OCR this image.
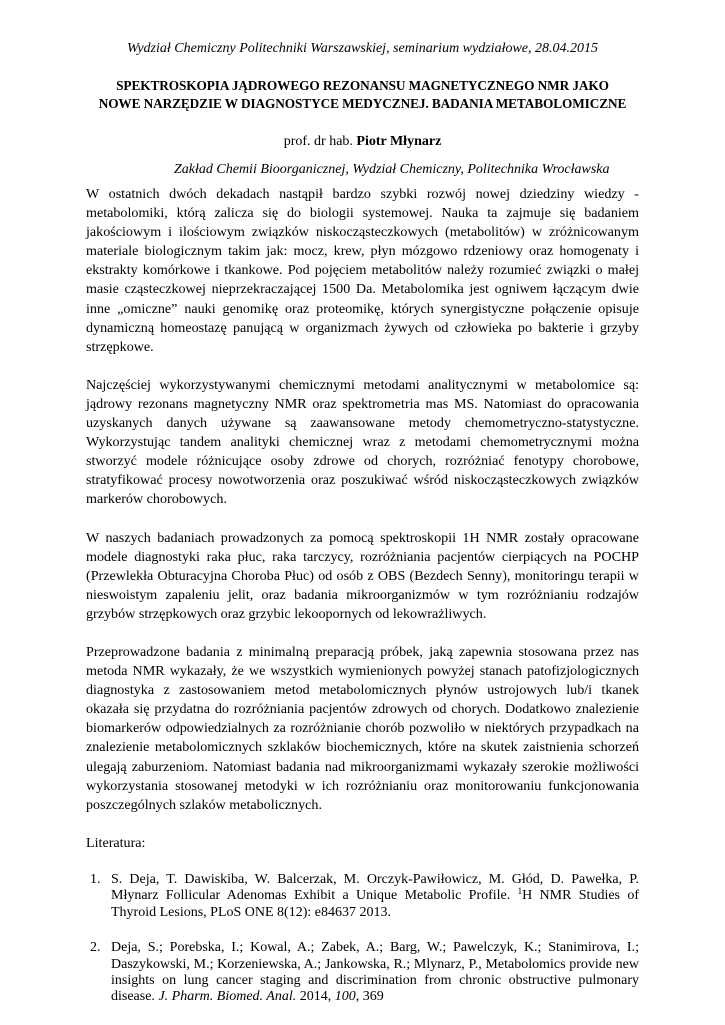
Wydział Chemiczny Politechniki Warszawskiej, seminarium wydziałowe, 28.04.2015
SPEKTROSKOPIA JĄDROWEGO REZONANSU MAGNETYCZNEGO NMR JAKO
NOWE NARZĘDZIE W DIAGNOSTYCE MEDYCZNEJ. BADANIA METABOLOMICZNE
prof. dr hab. Piotr Młynarz
Zakład Chemii Bioorganicznej, Wydział Chemiczny, Politechnika Wrocławska

W ostatnich dwóch dekadach nastąpił bardzo szybki rozwój nowej dziedziny wiedzy - metabolomiki, którą zalicza się do biologii systemowej. Nauka ta zajmuje się badaniem jakościowym i ilościowym związków niskocząsteczkowych (metabolitów) w zróżnicowanym materiale biologicznym takim jak: mocz, krew, płyn mózgowo rdzeniowy oraz homogenaty i ekstrakty komórkowe i tkankowe. Pod pojęciem metabolitów należy rozumieć związki o małej masie cząsteczkowej nieprzekraczającej 1500 Da. Metabolomika jest ogniwem łączącym dwie inne „omiczne” nauki genomikę oraz proteomikę, których synergistyczne połączenie opisuje dynamiczną homeostazę panującą w organizmach żywych od człowieka po bakterie i grzyby strzępkowe.

Najczęściej wykorzystywanymi chemicznymi metodami analitycznymi w metabolomice są: jądrowy rezonans magnetyczny NMR oraz spektrometria mas MS. Natomiast do opracowania uzyskanych danych używane są zaawansowane metody chemometryczno-statystyczne. Wykorzystując tandem analityki chemicznej wraz z metodami chemometrycznymi można stworzyć modele różnicujące osoby zdrowe od chorych, rozróżniać fenotypy chorobowe, stratyfikować procesy nowotworzenia oraz poszukiwać wśród niskocząsteczkowych związków markerów chorobowych.

W naszych badaniach prowadzonych za pomocą spektroskopii 1H NMR zostały opracowane modele diagnostyki raka płuc, raka tarczycy, rozróżniania pacjentów cierpiących na POCHP (Przewlekła Obturacyjna Choroba Płuc) od osób z OBS (Bezdech Senny), monitoringu terapii w nieswoistym zapaleniu jelit, oraz badania mikroorganizmów w tym rozróżnianiu rodzajów grzybów strzępkowych oraz grzybic lekoopornych od lekowrażliwych.

Przeprowadzone badania z minimalną preparacją próbek, jaką zapewnia stosowana przez nas metoda NMR wykazały, że we wszystkich wymienionych powyżej stanach patofizjologicznych diagnostyka z zastosowaniem metod metabolomicznych płynów ustrojowych lub/i tkanek okazała się przydatna do rozróżniania pacjentów zdrowych od chorych. Dodatkowo znalezienie biomarkerów odpowiedzialnych za rozróżnianie chorób pozwoliło w niektórych przypadkach na znalezienie metabolomicznych szklaków biochemicznych, które na skutek zaistnienia schorzeń ulegają zaburzeniom. Natomiast badania nad mikroorganizmami wykazały szerokie możliwości wykorzystania stosowanej metodyki w ich rozróżnianiu oraz monitorowaniu funkcjonowania poszczególnych szlaków metabolicznych.

Literatura:
1. S. Deja, T. Dawiskiba, W. Balcerzak, M. Orczyk-Pawiłowicz, M. Głód, D. Pawełka, P. Młynarz Follicular Adenomas Exhibit a Unique Metabolic Profile. $^1$H NMR Studies of Thyroid Lesions, PLoS ONE 8(12): e84637 2013.
2. Deja, S.; Porebska, I.; Kowal, A.; Zabek, A.; Barg, W.; Pawelczyk, K.; Stanimirova, I.; Daszykowski, M.; Korzeniewska, A.; Jankowska, R.; Mlynarz, P., Metabolomics provide new insights on lung cancer staging and discrimination from chronic obstructive pulmonary disease. J. Pharm. Biomed. Anal. 2014, 100, 369
